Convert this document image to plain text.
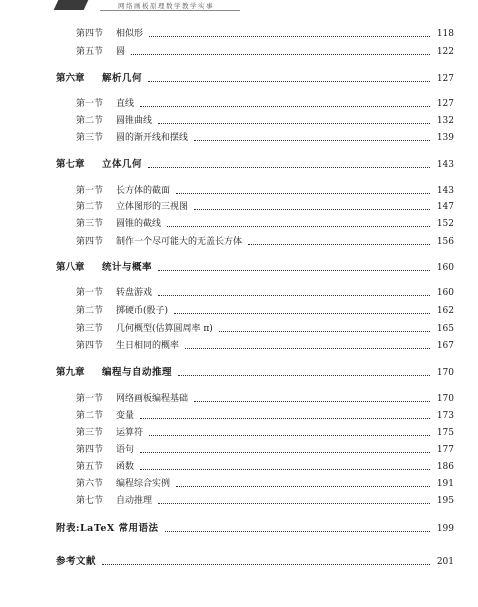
网络画板原理数学教学实事
第四节	相似形	118
第五节	圆	122
第六章	解析几何	127
第一节	直线	127
第二节	圆锥曲线	132
第三节	圆的渐开线和摆线	139
第七章	立体几何	143
第一节	长方体的截面	143
第二节	立体图形的三视图	147
第三节	圆锥的截线	152
第四节	制作一个尽可能大的无盖长方体	156
第八章	统计与概率	160
第一节	转盘游戏	160
第二节	掷硬币(骰子)	162
第三节	几何概型(估算圆周率 π)	165
第四节	生日相同的概率	167
第九章	编程与自动推理	170
第一节	网络画板编程基础	170
第二节	变量	173
第三节	运算符	175
第四节	语句	177
第五节	函数	186
第六节	编程综合实例	191
第七节	自动推理	195
附表:LaTeX 常用语法	199
参考文献	201
